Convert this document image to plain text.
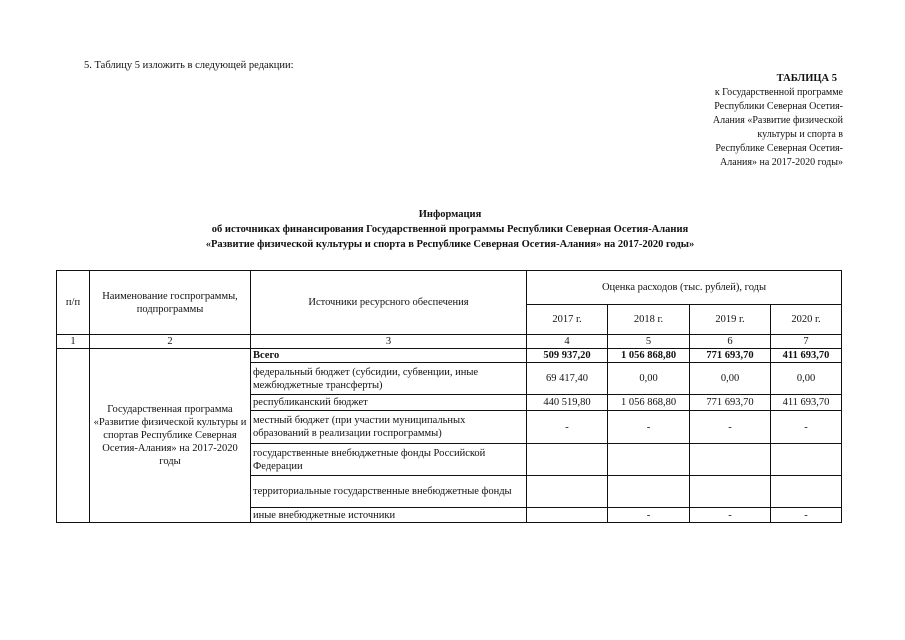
5. Таблицу 5 изложить в следующей редакции:
ТАБЛИЦА 5
к Государственной программе
Республики Северная Осетия-
Алания «Развитие физической
культуры и спорта в
Республике Северная Осетия-
Алания» на 2017-2020 годы»
Информация
об источниках финансирования Государственной программы Республики Северная Осетия-Алания
«Развитие физической культуры и спорта в Республике Северная Осетия-Алания» на 2017-2020 годы»
п/п	Наименование госпрограммы, подпрограммы	Источники ресурсного обеспечения	Оценка расходов (тыс. рублей), годы			
			2017 г.	2018 г.	2019 г.	2020 г.
1	2	3	4	5	6	7
	Государственная программа «Развитие физической культуры и спортав Республике Северная Осетия-Алания» на 2017-2020 годы	Всего	509 937,20	1 056 868,80	771 693,70	411 693,70
		федеральный бюджет (субсидии, субвенции, иные межбюджетные трансферты)	69 417,40	0,00	0,00	0,00
		республиканский бюджет	440 519,80	1 056 868,80	771 693,70	411 693,70
		местный бюджет (при участии муниципальных образований в реализации госпрограммы)	-	-	-	-
		государственные внебюджетные фонды Российской Федерации				
		территориальные государственные внебюджетные фонды				
		иные внебюджетные источники		-	-	-
